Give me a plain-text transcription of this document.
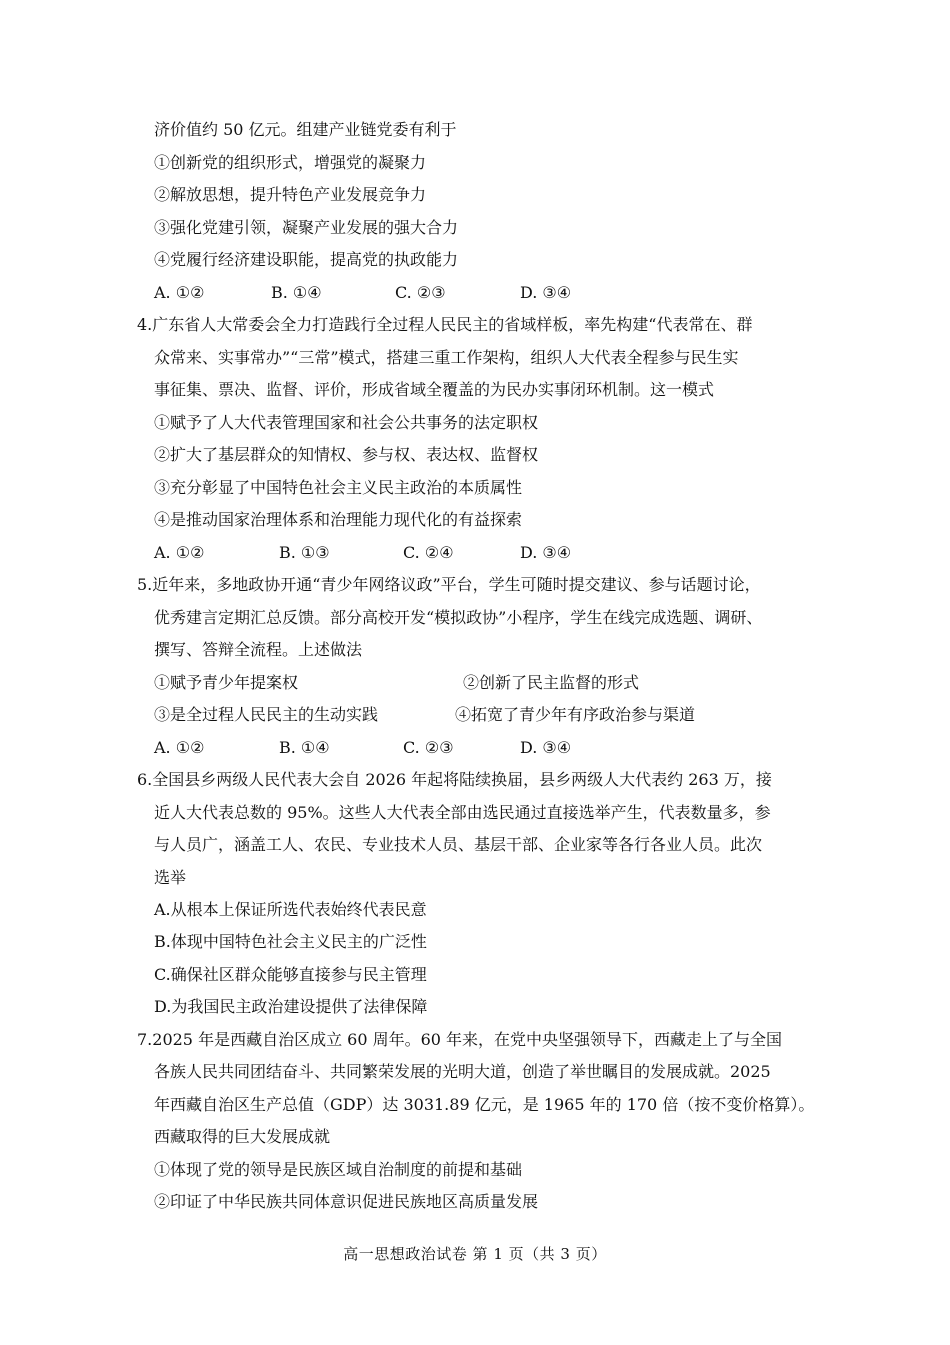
济价值约 50 亿元。组建产业链党委有利于
①创新党的组织形式，增强党的凝聚力
②解放思想，提升特色产业发展竞争力
③强化党建引领，凝聚产业发展的强大合力
④党履行经济建设职能，提高党的执政能力
A. ①②	B. ①④	C. ②③	D. ③④
4.广东省人大常委会全力打造践行全过程人民民主的省域样板，率先构建“代表常在、群
众常来、实事常办”“三常”模式，搭建三重工作架构，组织人大代表全程参与民生实
事征集、票决、监督、评价，形成省域全覆盖的为民办实事闭环机制。这一模式
①赋予了人大代表管理国家和社会公共事务的法定职权
②扩大了基层群众的知情权、参与权、表达权、监督权
③充分彰显了中国特色社会主义民主政治的本质属性
④是推动国家治理体系和治理能力现代化的有益探索
A. ①②	B. ①③	C. ②④	D. ③④
5.近年来，多地政协开通“青少年网络议政”平台，学生可随时提交建议、参与话题讨论，
优秀建言定期汇总反馈。部分高校开发“模拟政协”小程序，学生在线完成选题、调研、
撰写、答辩全流程。上述做法
①赋予青少年提案权	②创新了民主监督的形式
③是全过程人民民主的生动实践	④拓宽了青少年有序政治参与渠道
A. ①②	B. ①④	C. ②③	D. ③④
6.全国县乡两级人民代表大会自 2026 年起将陆续换届，县乡两级人大代表约 263 万，接
近人大代表总数的 95%。这些人大代表全部由选民通过直接选举产生，代表数量多，参
与人员广，涵盖工人、农民、专业技术人员、基层干部、企业家等各行各业人员。此次
选举
A.从根本上保证所选代表始终代表民意
B.体现中国特色社会主义民主的广泛性
C.确保社区群众能够直接参与民主管理
D.为我国民主政治建设提供了法律保障
7.2025 年是西藏自治区成立 60 周年。60 年来，在党中央坚强领导下，西藏走上了与全国
各族人民共同团结奋斗、共同繁荣发展的光明大道，创造了举世瞩目的发展成就。2025
年西藏自治区生产总值（GDP）达 3031.89 亿元，是 1965 年的 170 倍（按不变价格算）。
西藏取得的巨大发展成就
①体现了党的领导是民族区域自治制度的前提和基础
②印证了中华民族共同体意识促进民族地区高质量发展
高一思想政治试卷 第 1 页（共 3 页）
